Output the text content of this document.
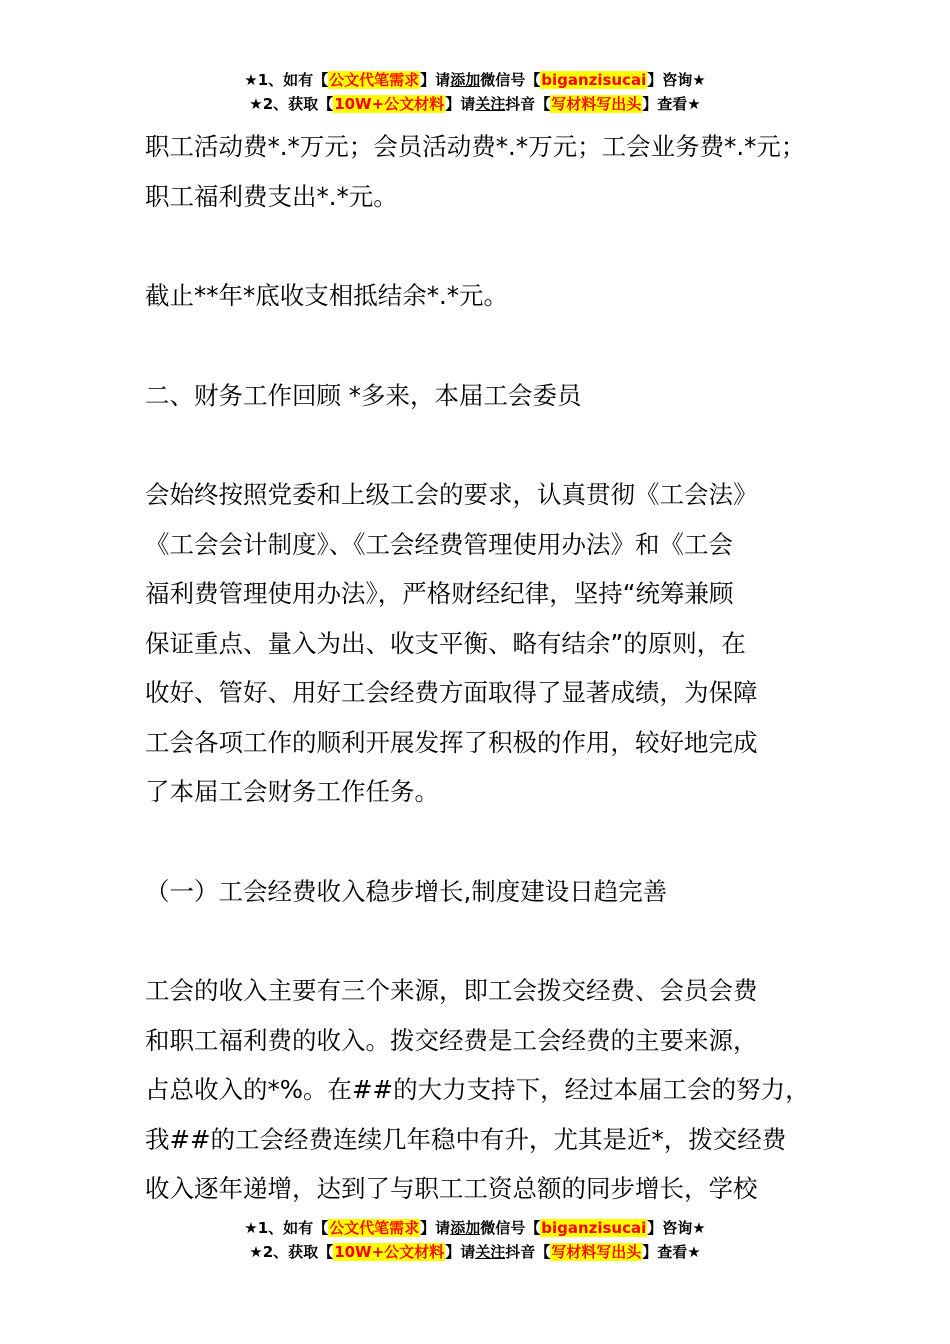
★1、如有【公文代笔需求】请添加微信号【biganzisucai】咨询★
★2、获取【10W+公文材料】请关注抖音【写材料写出头】查看★

职工活动费*.*万元；会员活动费*.*万元；工会业务费*.*元；

职工福利费支出*.*元。

截止**年*底收支相抵结余*.*元。

二、财务工作回顾 *多来，本届工会委员

会始终按照党委和上级工会的要求，认真贯彻《工会法》

《工会会计制度》、《工会经费管理使用办法》和《工会

福利费管理使用办法》，严格财经纪律，坚持“统筹兼顾

保证重点、量入为出、收支平衡、略有结余”的原则，在

收好、管好、用好工会经费方面取得了显著成绩，为保障

工会各项工作的顺利开展发挥了积极的作用，较好地完成

了本届工会财务工作任务。

（一）工会经费收入稳步增长,制度建设日趋完善

工会的收入主要有三个来源，即工会拨交经费、会员会费

和职工福利费的收入。拨交经费是工会经费的主要来源，

占总收入的*%。在##的大力支持下，经过本届工会的努力，

我##的工会经费连续几年稳中有升，尤其是近*，拨交经费

收入逐年递增，达到了与职工工资总额的同步增长，学校

★1、如有【公文代笔需求】请添加微信号【biganzisucai】咨询★
★2、获取【10W+公文材料】请关注抖音【写材料写出头】查看★
